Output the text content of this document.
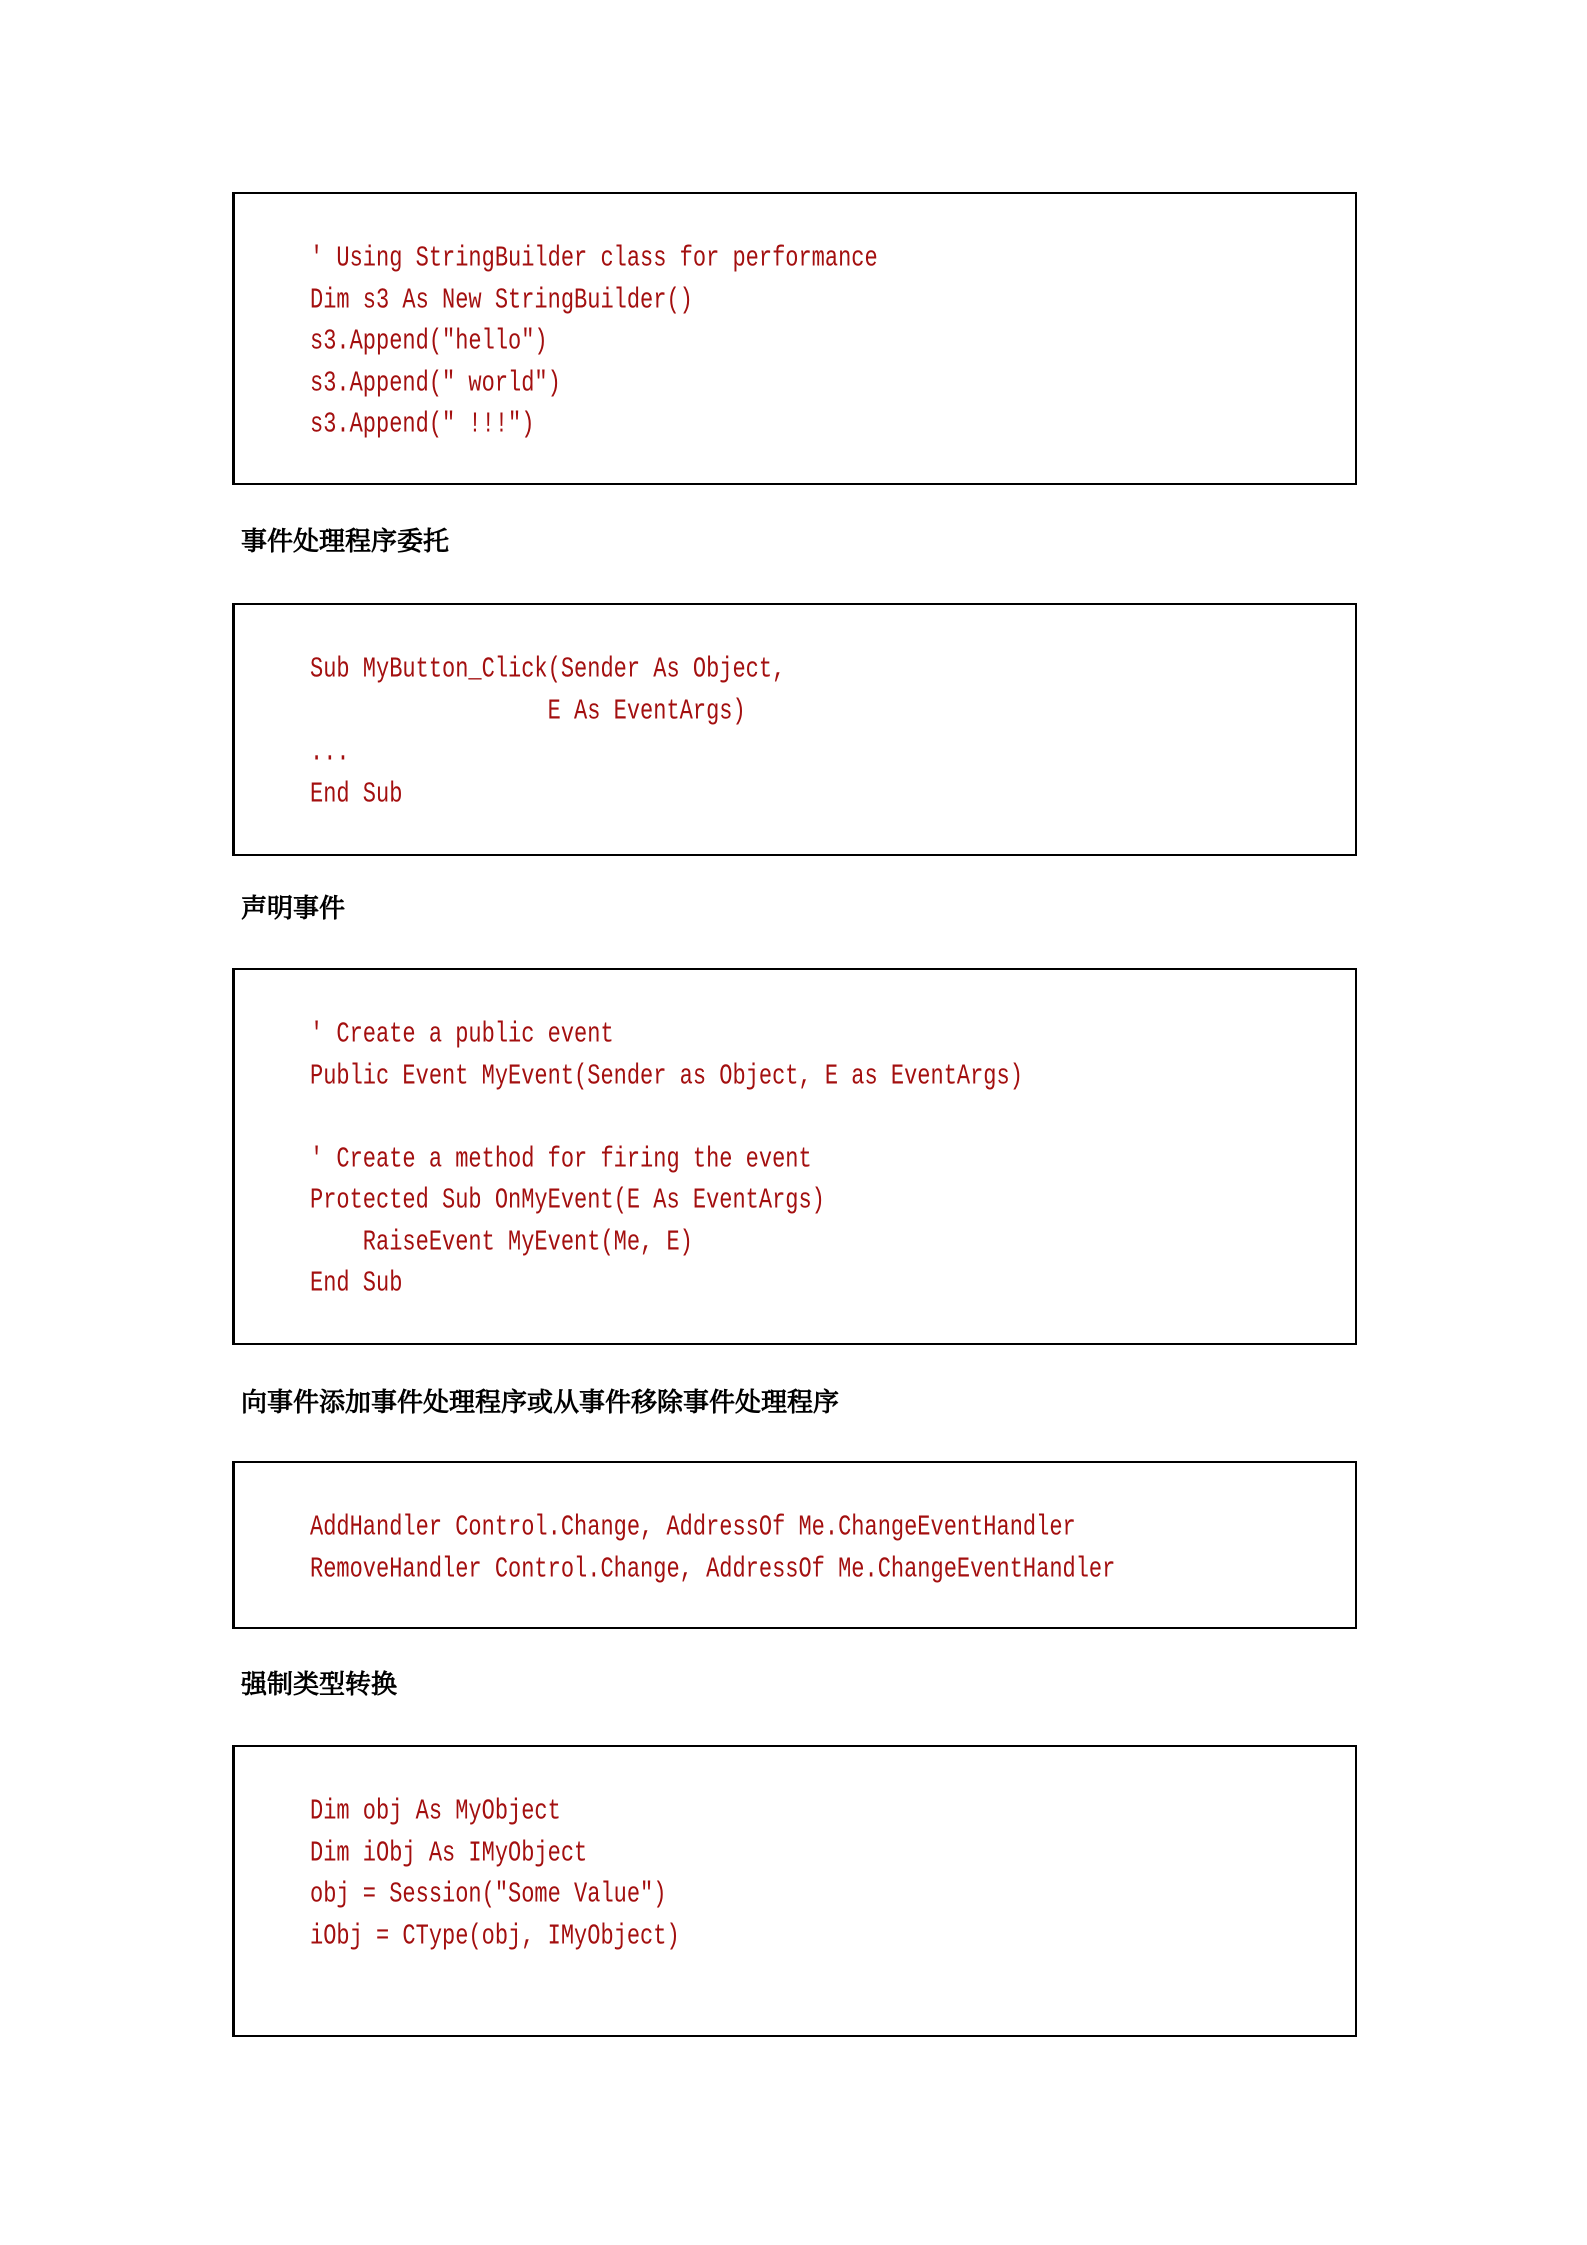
' Using StringBuilder class for performance
Dim s3 As New StringBuilder()
s3.Append("hello")
s3.Append(" world")
s3.Append(" !!!")
事件处理程序委托
Sub MyButton_Click(Sender As Object,
E As EventArgs)
...
End Sub
声明事件
' Create a public event
Public Event MyEvent(Sender as Object, E as EventArgs)
' Create a method for firing the event
Protected Sub OnMyEvent(E As EventArgs)
RaiseEvent MyEvent(Me, E)
End Sub
向事件添加事件处理程序或从事件移除事件处理程序
AddHandler Control.Change, AddressOf Me.ChangeEventHandler
RemoveHandler Control.Change, AddressOf Me.ChangeEventHandler
强制类型转换
Dim obj As MyObject
Dim iObj As IMyObject
obj = Session("Some Value")
iObj = CType(obj, IMyObject)
